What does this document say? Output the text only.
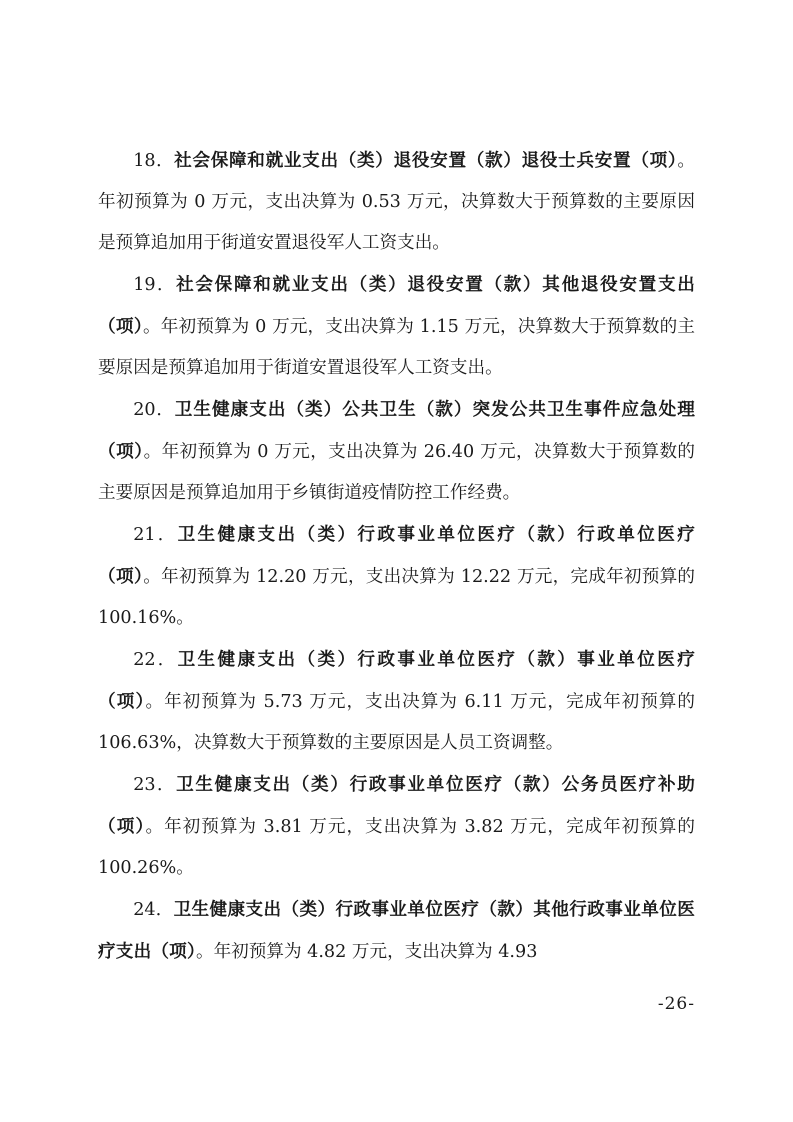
18．社会保障和就业支出（类）退役安置（款）退役士兵安置（项）。年初预算为 0 万元，支出决算为 0.53 万元，决算数大于预算数的主要原因是预算追加用于街道安置退役军人工资支出。

19．社会保障和就业支出（类）退役安置（款）其他退役安置支出（项）。年初预算为 0 万元，支出决算为 1.15 万元，决算数大于预算数的主要原因是预算追加用于街道安置退役军人工资支出。

20．卫生健康支出（类）公共卫生（款）突发公共卫生事件应急处理（项）。年初预算为 0 万元，支出决算为 26.40 万元，决算数大于预算数的主要原因是预算追加用于乡镇街道疫情防控工作经费。

21．卫生健康支出（类）行政事业单位医疗（款）行政单位医疗（项）。年初预算为 12.20 万元，支出决算为 12.22 万元，完成年初预算的 100.16%。

22．卫生健康支出（类）行政事业单位医疗（款）事业单位医疗（项）。年初预算为 5.73 万元，支出决算为 6.11 万元，完成年初预算的 106.63%，决算数大于预算数的主要原因是人员工资调整。

23．卫生健康支出（类）行政事业单位医疗（款）公务员医疗补助（项）。年初预算为 3.81 万元，支出决算为 3.82 万元，完成年初预算的 100.26%。

24．卫生健康支出（类）行政事业单位医疗（款）其他行政事业单位医疗支出（项）。年初预算为 4.82 万元，支出决算为 4.93

-26-
